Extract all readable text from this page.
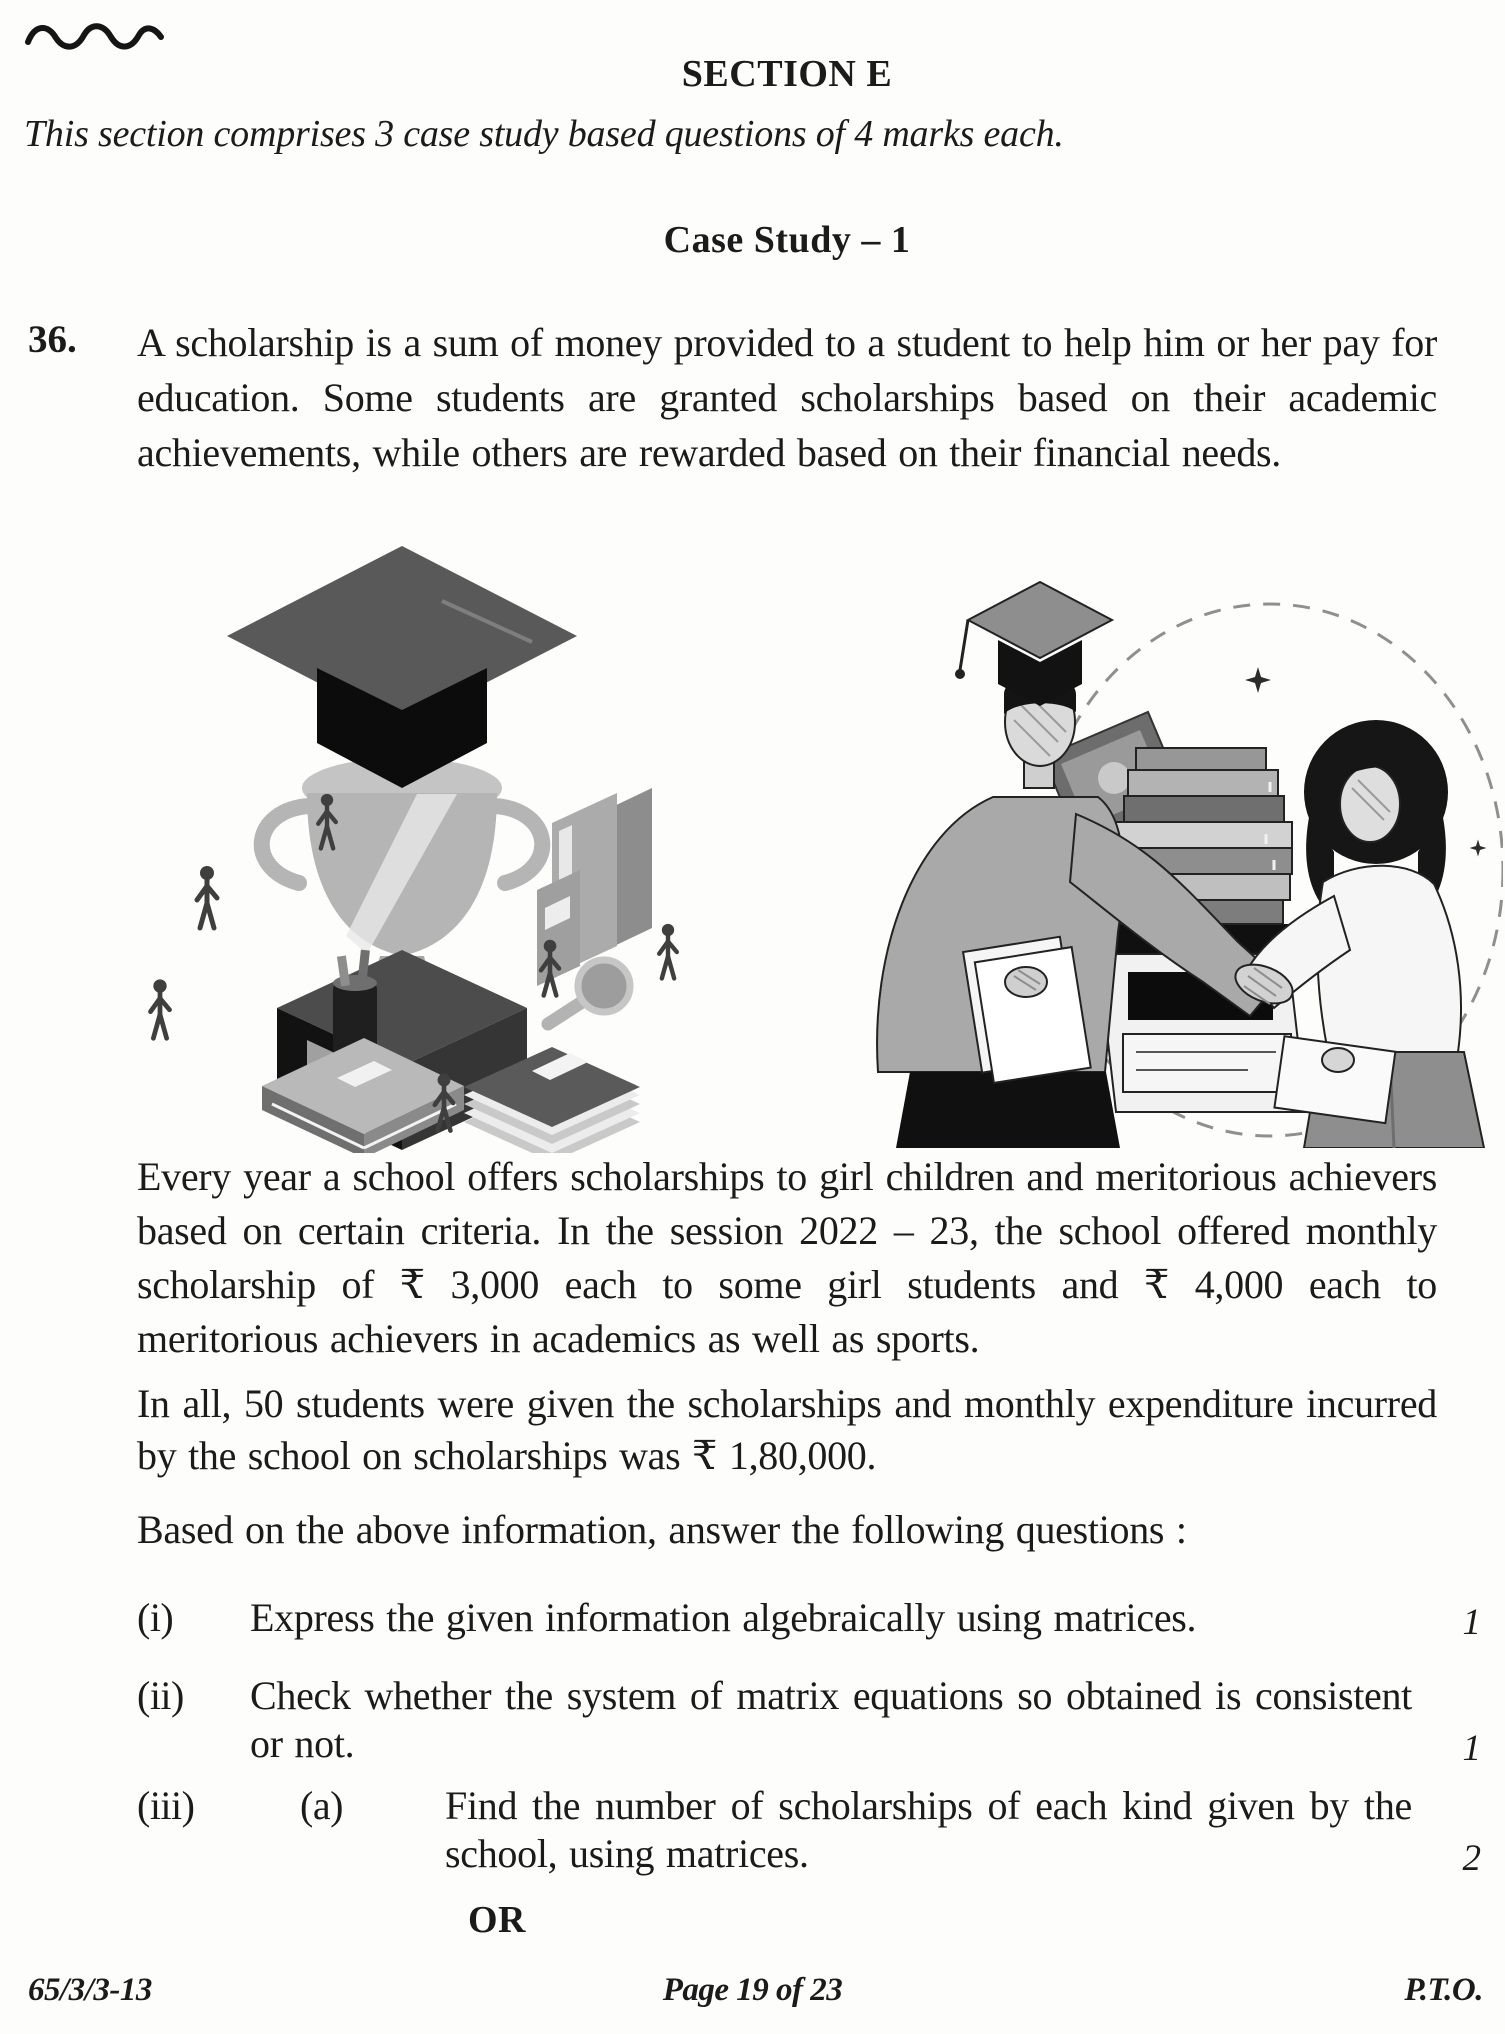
SECTION E
This section comprises 3 case study based questions of 4 marks each.
Case Study – 1
36. A scholarship is a sum of money provided to a student to help him or her pay for education. Some students are granted scholarships based on their academic achievements, while others are rewarded based on their financial needs.
Every year a school offers scholarships to girl children and meritorious achievers based on certain criteria. In the session 2022 – 23, the school offered monthly scholarship of ₹ 3,000 each to some girl students and ₹ 4,000 each to meritorious achievers in academics as well as sports.
In all, 50 students were given the scholarships and monthly expenditure incurred by the school on scholarships was ₹ 1,80,000.
Based on the above information, answer the following questions :
(i) Express the given information algebraically using matrices.	1
(ii) Check whether the system of matrix equations so obtained is consistent or not.	1
(iii)	(a)	Find the number of scholarships of each kind given by the school, using matrices.	2
OR
65/3/3-13	Page 19 of 23	P.T.O.
